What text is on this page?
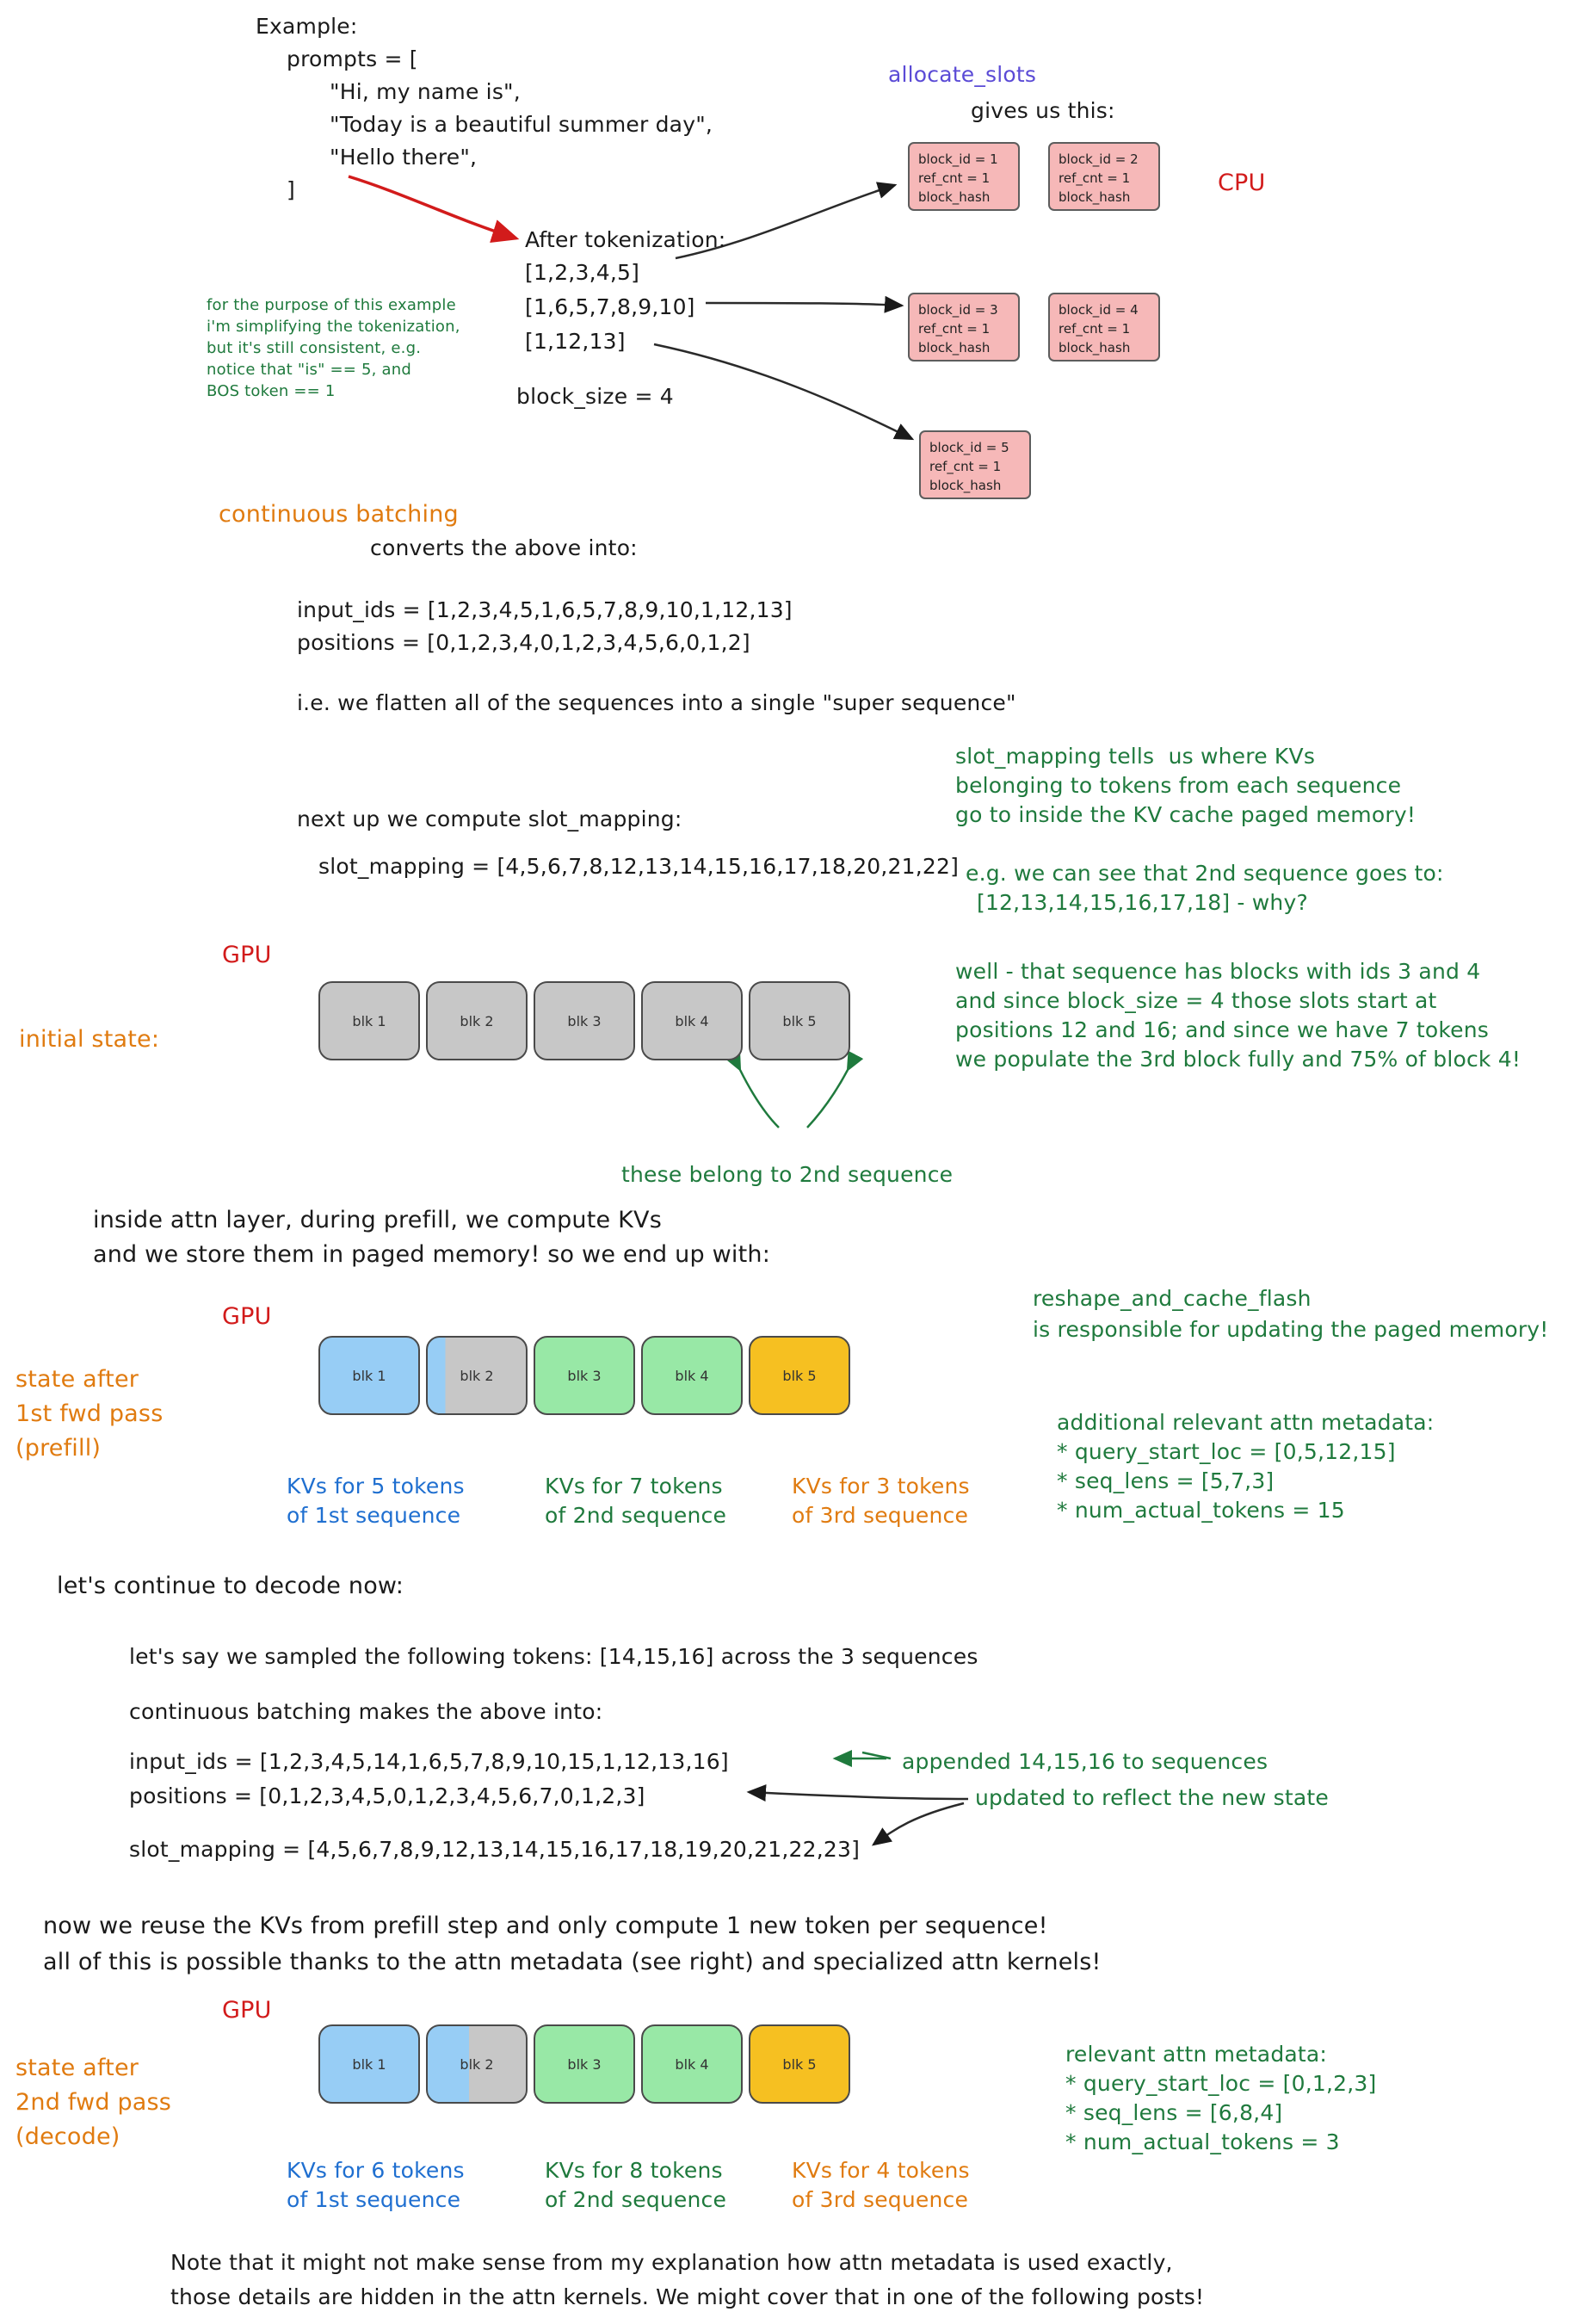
Example:
prompts = [
"Hi, my name is",
"Today is a beautiful summer day",
"Hello there",
]
for the purpose of this example
i'm simplifying the tokenization,
but it's still consistent, e.g.
notice that "is" == 5, and
BOS token == 1
After tokenization:
[1,2,3,4,5]
[1,6,5,7,8,9,10]
[1,12,13]
block_size = 4
allocate_slots
gives us this:
CPU
block_id = 1
ref_cnt = 1
block_hash
block_id = 2
ref_cnt = 1
block_hash
block_id = 3
ref_cnt = 1
block_hash
block_id = 4
ref_cnt = 1
block_hash
block_id = 5
ref_cnt = 1
block_hash
continuous batching
converts the above into:
input_ids = [1,2,3,4,5,1,6,5,7,8,9,10,1,12,13]
positions = [0,1,2,3,4,0,1,2,3,4,5,6,0,1,2]
i.e. we flatten all of the sequences into a single "super sequence"
next up we compute slot_mapping:
slot_mapping = [4,5,6,7,8,12,13,14,15,16,17,18,20,21,22]
slot_mapping tells  us where KVs
belonging to tokens from each sequence
go to inside the KV cache paged memory!
e.g. we can see that 2nd sequence goes to:
[12,13,14,15,16,17,18] - why?
well - that sequence has blocks with ids 3 and 4
and since block_size = 4 those slots start at
positions 12 and 16; and since we have 7 tokens
we populate the 3rd block fully and 75% of block 4!
GPU
initial state:
blk 1	blk 2	blk 3	blk 4	blk 5
these belong to 2nd sequence
inside attn layer, during prefill, we compute KVs
and we store them in paged memory! so we end up with:
GPU
state after
1st fwd pass
(prefill)
blk 1	blk 2	blk 3	blk 4	blk 5
KVs for 5 tokens
of 1st sequence
KVs for 7 tokens
of 2nd sequence
KVs for 3 tokens
of 3rd sequence
reshape_and_cache_flash
is responsible for updating the paged memory!
additional relevant attn metadata:
* query_start_loc = [0,5,12,15]
* seq_lens = [5,7,3]
* num_actual_tokens = 15
let's continue to decode now:
let's say we sampled the following tokens: [14,15,16] across the 3 sequences
continuous batching makes the above into:
input_ids = [1,2,3,4,5,14,1,6,5,7,8,9,10,15,1,12,13,16]
positions = [0,1,2,3,4,5,0,1,2,3,4,5,6,7,0,1,2,3]
slot_mapping = [4,5,6,7,8,9,12,13,14,15,16,17,18,19,20,21,22,23]
appended 14,15,16 to sequences
updated to reflect the new state
now we reuse the KVs from prefill step and only compute 1 new token per sequence!
all of this is possible thanks to the attn metadata (see right) and specialized attn kernels!
GPU
state after
2nd fwd pass
(decode)
blk 1	blk 2	blk 3	blk 4	blk 5
KVs for 6 tokens
of 1st sequence
KVs for 8 tokens
of 2nd sequence
KVs for 4 tokens
of 3rd sequence
relevant attn metadata:
* query_start_loc = [0,1,2,3]
* seq_lens = [6,8,4]
* num_actual_tokens = 3
Note that it might not make sense from my explanation how attn metadata is used exactly,
those details are hidden in the attn kernels. We might cover that in one of the following posts!
